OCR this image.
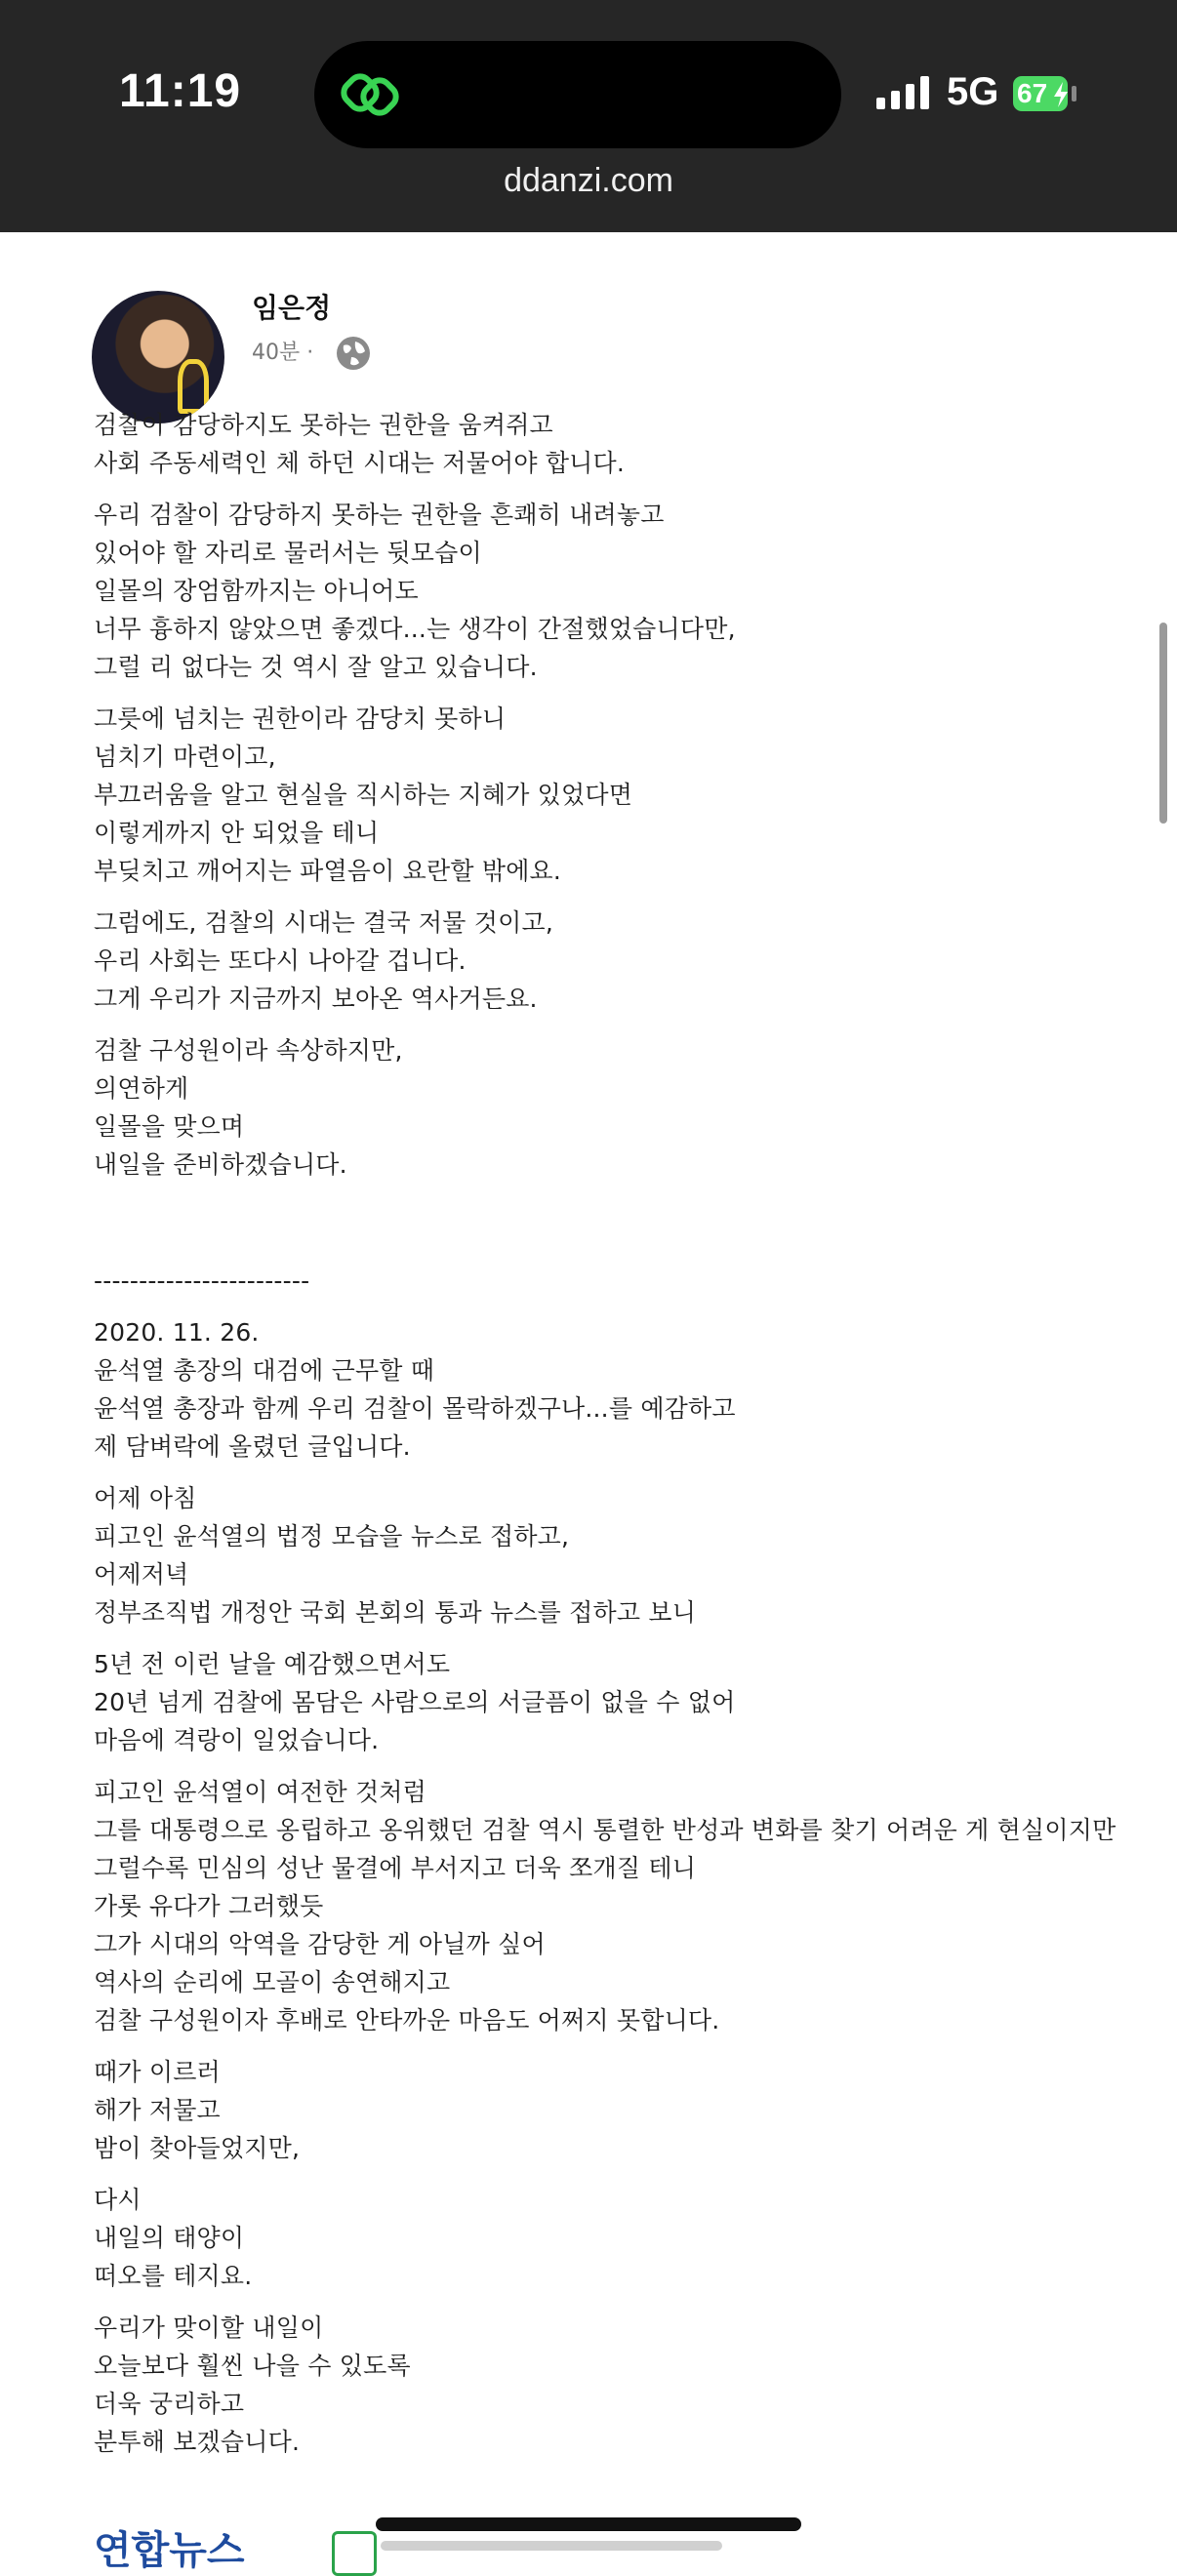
11:19	5G 67
ddanzi.com
임은정
40분 ·

검찰이 감당하지도 못하는 권한을 움켜쥐고
사회 주동세력인 체 하던 시대는 저물어야 합니다.

우리 검찰이 감당하지 못하는 권한을 흔쾌히 내려놓고
있어야 할 자리로 물러서는 뒷모습이
일몰의 장엄함까지는 아니어도
너무 흉하지 않았으면 좋겠다...는 생각이 간절했었습니다만,
그럴 리 없다는 것 역시 잘 알고 있습니다.

그릇에 넘치는 권한이라 감당치 못하니
넘치기 마련이고,
부끄러움을 알고 현실을 직시하는 지혜가 있었다면
이렇게까지 안 되었을 테니
부딪치고 깨어지는 파열음이 요란할 밖에요.

그럼에도, 검찰의 시대는 결국 저물 것이고,
우리 사회는 또다시 나아갈 겁니다.
그게 우리가 지금까지 보아온 역사거든요.

검찰 구성원이라 속상하지만,
의연하게
일몰을 맞으며
내일을 준비하겠습니다.

------------------------

2020. 11. 26.
윤석열 총장의 대검에 근무할 때
윤석열 총장과 함께 우리 검찰이 몰락하겠구나...를 예감하고
제 담벼락에 올렸던 글입니다.

어제 아침
피고인 윤석열의 법정 모습을 뉴스로 접하고,
어제저녁
정부조직법 개정안 국회 본회의 통과 뉴스를 접하고 보니

5년 전 이런 날을 예감했으면서도
20년 넘게 검찰에 몸담은 사람으로의 서글픔이 없을 수 없어
마음에 격랑이 일었습니다.

피고인 윤석열이 여전한 것처럼
그를 대통령으로 옹립하고 옹위했던 검찰 역시 통렬한 반성과 변화를 찾기 어려운 게 현실이지만
그럴수록 민심의 성난 물결에 부서지고 더욱 쪼개질 테니
가롯 유다가 그러했듯
그가 시대의 악역을 감당한 게 아닐까 싶어
역사의 순리에 모골이 송연해지고
검찰 구성원이자 후배로 안타까운 마음도 어쩌지 못합니다.

때가 이르러
해가 저물고
밤이 찾아들었지만,

다시
내일의 태양이
떠오를 테지요.

우리가 맞이할 내일이
오늘보다 훨씬 나을 수 있도록
더욱 궁리하고
분투해 보겠습니다.

연합뉴스
